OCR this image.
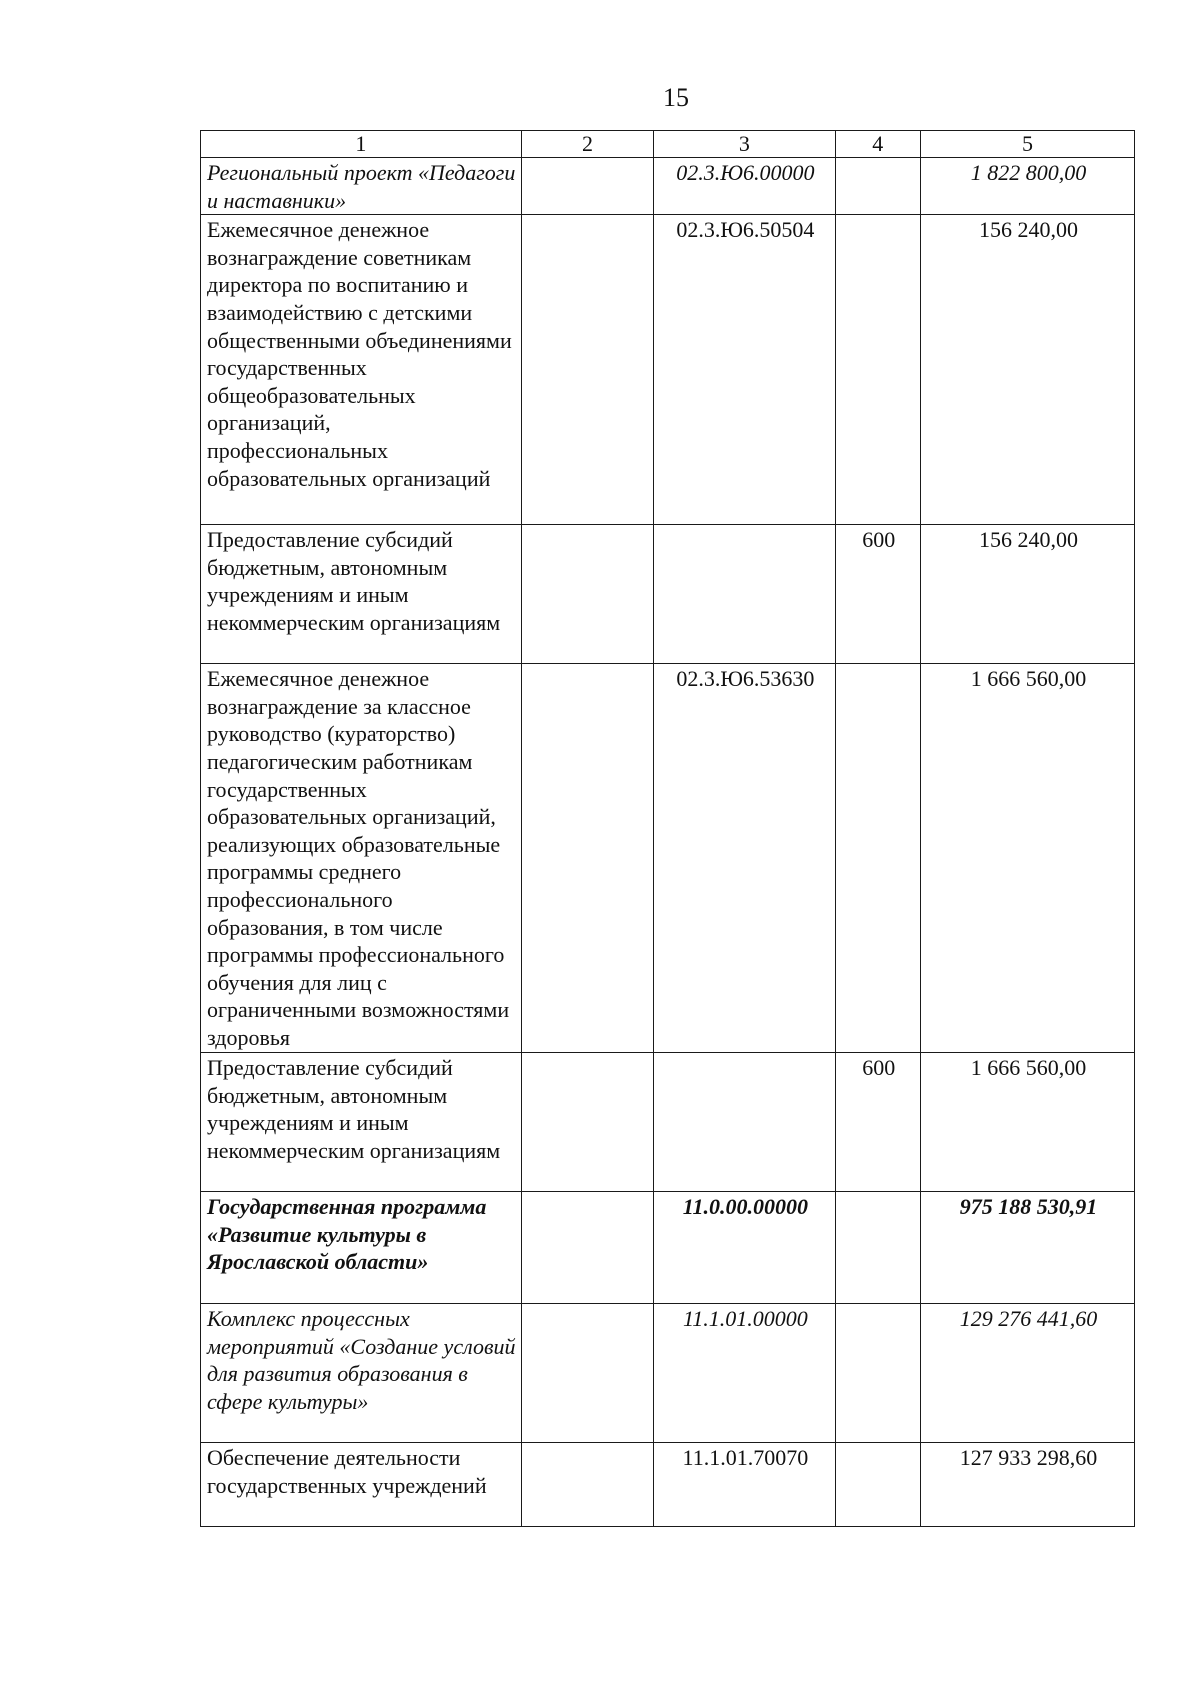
15
1	2	3	4	5
Региональный проект «Педагоги и наставники»		02.3.Ю6.00000		1 822 800,00
Ежемесячное денежное вознаграждение советникам директора по воспитанию и взаимодействию с детскими общественными объединениями государственных общеобразовательных организаций, профессиональных образовательных организаций		02.3.Ю6.50504		156 240,00
Предоставление субсидий бюджетным, автономным учреждениям и иным некоммерческим организациям			600	156 240,00
Ежемесячное денежное вознаграждение за классное руководство (кураторство) педагогическим работникам государственных образовательных организаций, реализующих образовательные программы среднего профессионального образования, в том числе программы профессионального обучения для лиц с ограниченными возможностями здоровья		02.3.Ю6.53630		1 666 560,00
Предоставление субсидий бюджетным, автономным учреждениям и иным некоммерческим организациям			600	1 666 560,00
Государственная программа «Развитие культуры в Ярославской области»		11.0.00.00000		975 188 530,91
Комплекс процессных мероприятий «Создание условий для развития образования в сфере культуры»		11.1.01.00000		129 276 441,60
Обеспечение деятельности государственных учреждений		11.1.01.70070		127 933 298,60
